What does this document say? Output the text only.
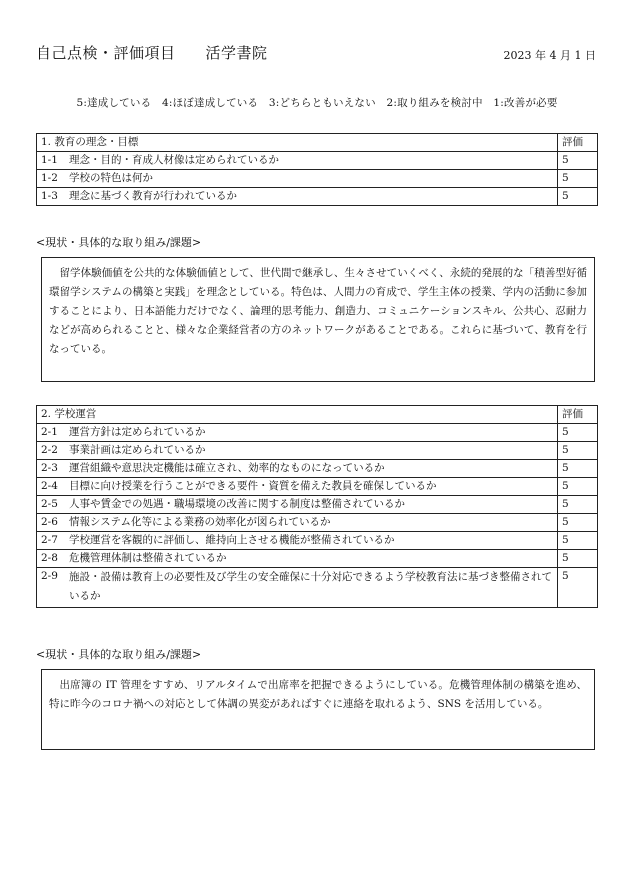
自己点検・評価項目 活学書院	2023 年 4 月 1 日
5:達成している　4:ほぼ達成している　3:どちらともいえない　2:取り組みを検討中　1:改善が必要
1. 教育の理念・目標		評価
1-1	理念・目的・育成人材像は定められているか	5
1-2	学校の特色は何か	5
1-3	理念に基づく教育が行われているか	5
<現状・具体的な取り組み/課題>
留学体験価値を公共的な体験価値として、世代間で継承し、生々させていくべく、永続的発展的な「積善型好循環留学システムの構築と実践」を理念としている。特色は、人間力の育成で、学生主体の授業、学内の活動に参加することにより、日本語能力だけでなく、論理的思考能力、創造力、コミュニケーションスキル、公共心、忍耐力などが高められることと、様々な企業経営者の方のネットワークがあることである。これらに基づいて、教育を行なっている。
2. 学校運営		評価
2-1	運営方針は定められているか	5
2-2	事業計画は定められているか	5
2-3	運営組織や意思決定機能は確立され、効率的なものになっているか	5
2-4	目標に向け授業を行うことができる要件・資質を備えた教員を確保しているか	5
2-5	人事や賃金での処遇・職場環境の改善に関する制度は整備されているか	5
2-6	情報システム化等による業務の効率化が図られているか	5
2-7	学校運営を客観的に評価し、維持向上させる機能が整備されているか	5
2-8	危機管理体制は整備されているか	5
2-9	施設・設備は教育上の必要性及び学生の安全確保に十分対応できるよう学校教育法に基づき整備されているか	5
<現状・具体的な取り組み/課題>
出席簿の IT 管理をすすめ、リアルタイムで出席率を把握できるようにしている。危機管理体制の構築を進め、特に昨今のコロナ禍への対応として体調の異変があればすぐに連絡を取れるよう、SNS を活用している。
